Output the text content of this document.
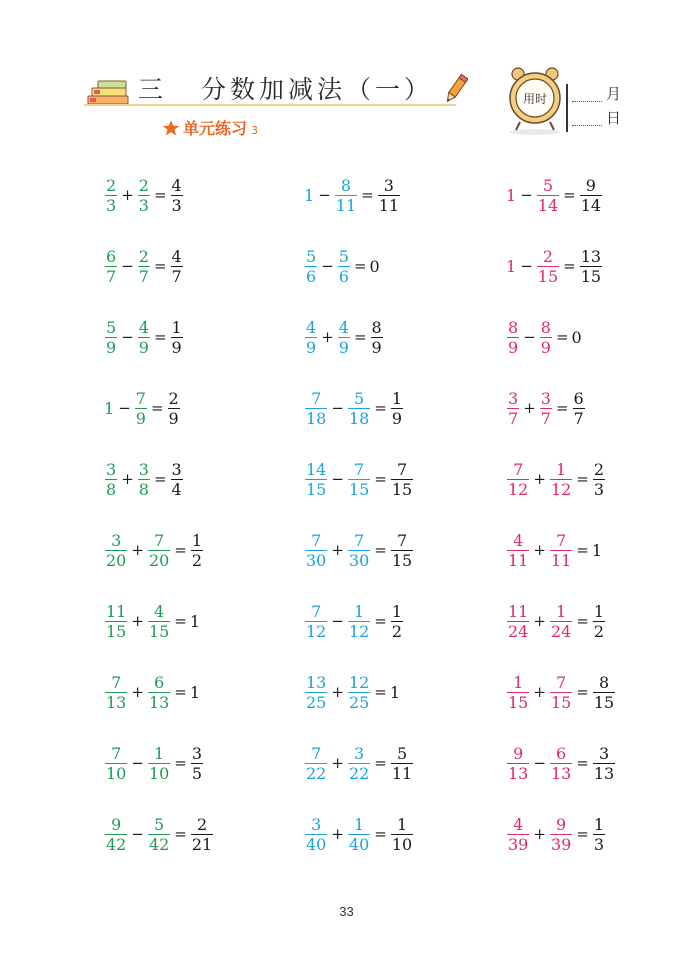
三 分数加减法（一）
单元练习 3
用时	月
日
$\frac{2}{3} + \frac{2}{3} = \frac{4}{3}$	$1 - \frac{8}{11} = \frac{3}{11}$	$1 - \frac{5}{14} = \frac{9}{14}$
$\frac{6}{7} - \frac{2}{7} = \frac{4}{7}$	$\frac{5}{6} - \frac{5}{6} = 0$	$1 - \frac{2}{15} = \frac{13}{15}$
$\frac{5}{9} - \frac{4}{9} = \frac{1}{9}$	$\frac{4}{9} + \frac{4}{9} = \frac{8}{9}$	$\frac{8}{9} - \frac{8}{9} = 0$
$1 - \frac{7}{9} = \frac{2}{9}$	$\frac{7}{18} - \frac{5}{18} = \frac{1}{9}$	$\frac{3}{7} + \frac{3}{7} = \frac{6}{7}$
$\frac{3}{8} + \frac{3}{8} = \frac{3}{4}$	$\frac{14}{15} - \frac{7}{15} = \frac{7}{15}$	$\frac{7}{12} + \frac{1}{12} = \frac{2}{3}$
$\frac{3}{20} + \frac{7}{20} = \frac{1}{2}$	$\frac{7}{30} + \frac{7}{30} = \frac{7}{15}$	$\frac{4}{11} + \frac{7}{11} = 1$
$\frac{11}{15} + \frac{4}{15} = 1$	$\frac{7}{12} - \frac{1}{12} = \frac{1}{2}$	$\frac{11}{24} + \frac{1}{24} = \frac{1}{2}$
$\frac{7}{13} + \frac{6}{13} = 1$	$\frac{13}{25} + \frac{12}{25} = 1$	$\frac{1}{15} + \frac{7}{15} = \frac{8}{15}$
$\frac{7}{10} - \frac{1}{10} = \frac{3}{5}$	$\frac{7}{22} + \frac{3}{22} = \frac{5}{11}$	$\frac{9}{13} - \frac{6}{13} = \frac{3}{13}$
$\frac{9}{42} - \frac{5}{42} = \frac{2}{21}$	$\frac{3}{40} + \frac{1}{40} = \frac{1}{10}$	$\frac{4}{39} + \frac{9}{39} = \frac{1}{3}$
33
